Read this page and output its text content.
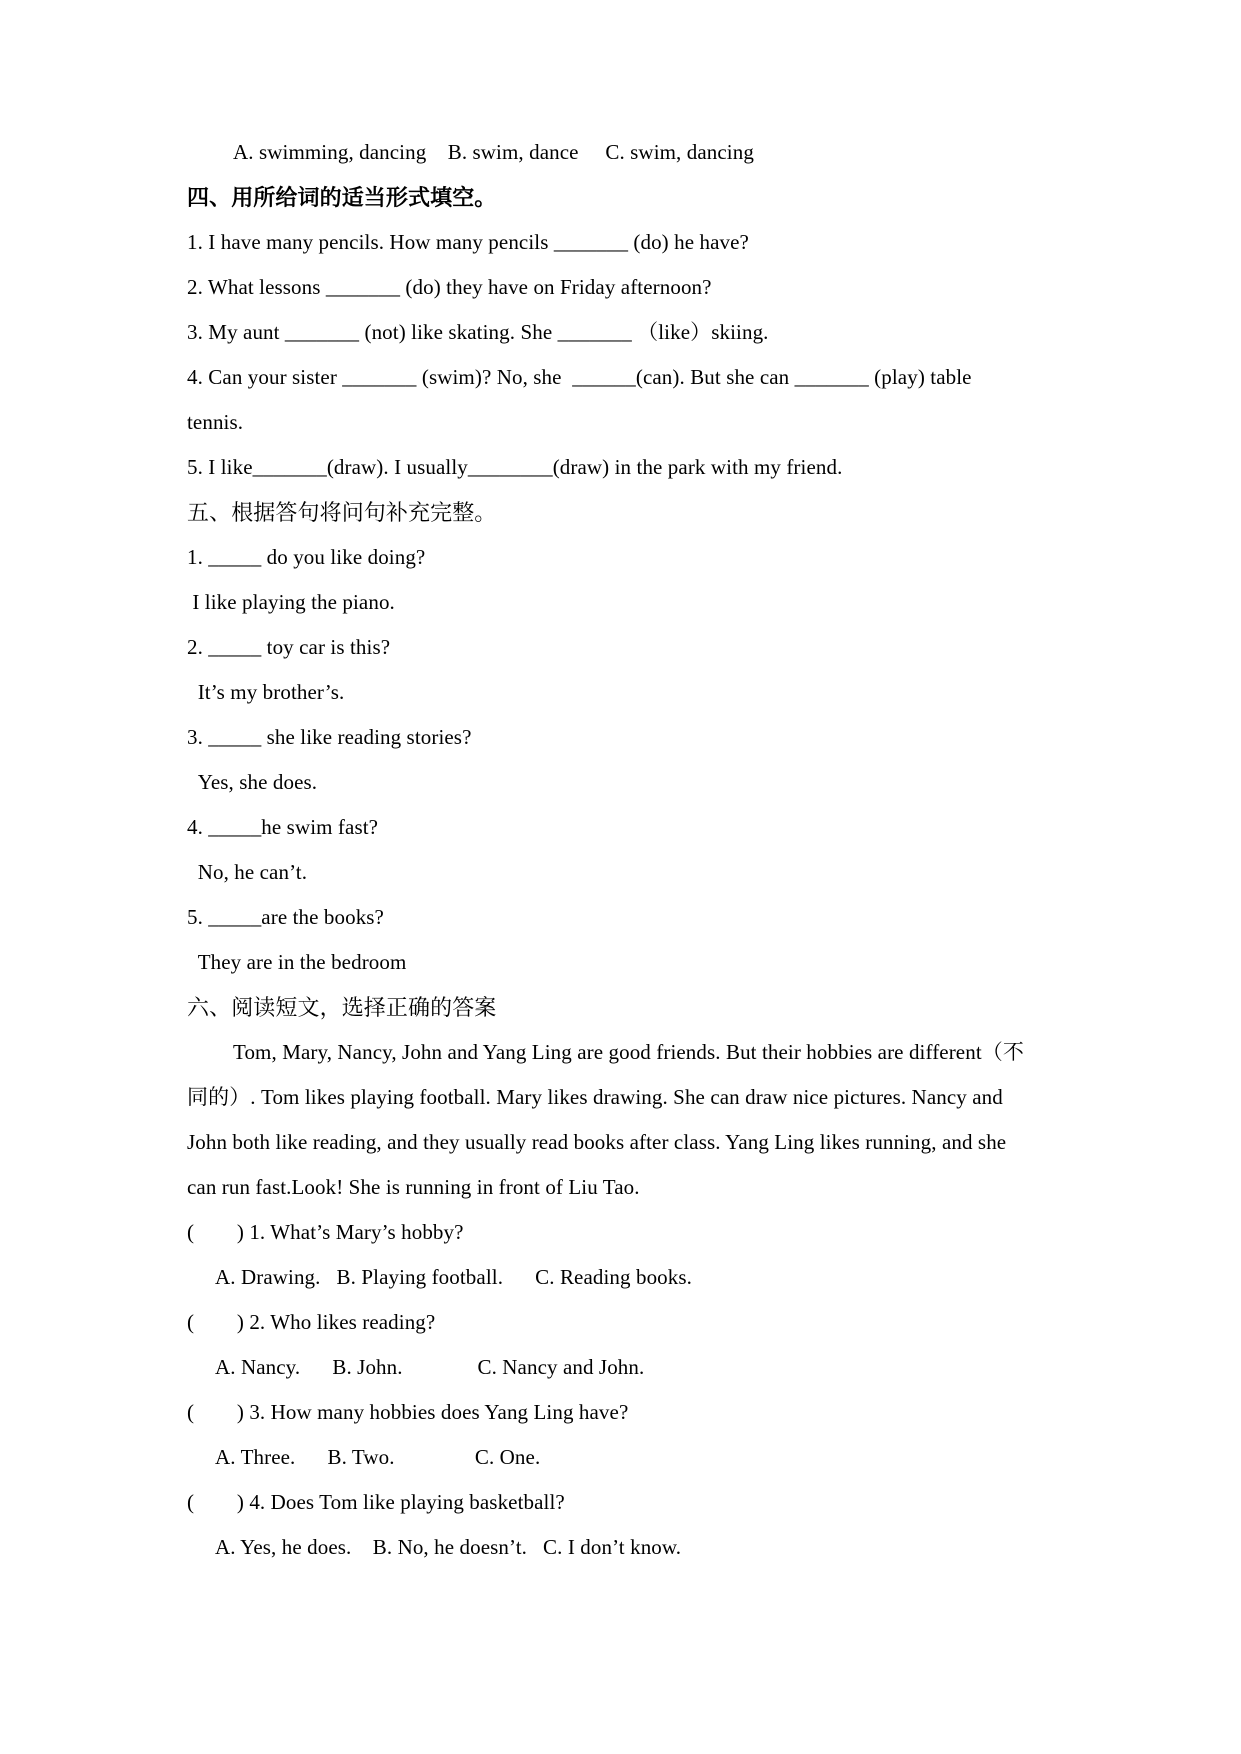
A. swimming, dancing    B. swim, dance     C. swim, dancing
四、用所给词的适当形式填空。
1. I have many pencils. How many pencils _______ (do) he have?
2. What lessons _______ (do) they have on Friday afternoon?
3. My aunt _______ (not) like skating. She _______ （like）skiing.
4. Can your sister _______ (swim)? No, she  ______(can). But she can _______ (play) table
tennis.
5. I like_______(draw). I usually________(draw) in the park with my friend.
五、根据答句将问句补充完整。
1. _____ do you like doing?
I like playing the piano.
2. _____ toy car is this?
It’s my brother’s.
3. _____ she like reading stories?
Yes, she does.
4. _____he swim fast?
No, he can’t.
5. _____are the books?
They are in the bedroom
六、阅读短文，选择正确的答案
Tom, Mary, Nancy, John and Yang Ling are good friends. But their hobbies are different（不
同的）. Tom likes playing football. Mary likes drawing. She can draw nice pictures. Nancy and
John both like reading, and they usually read books after class. Yang Ling likes running, and she
can run fast.Look! She is running in front of Liu Tao.
(        ) 1. What’s Mary’s hobby?
A. Drawing.   B. Playing football.      C. Reading books.
(        ) 2. Who likes reading?
A. Nancy.      B. John.              C. Nancy and John.
(        ) 3. How many hobbies does Yang Ling have?
A. Three.      B. Two.               C. One.
(        ) 4. Does Tom like playing basketball?
A. Yes, he does.    B. No, he doesn’t.   C. I don’t know.
